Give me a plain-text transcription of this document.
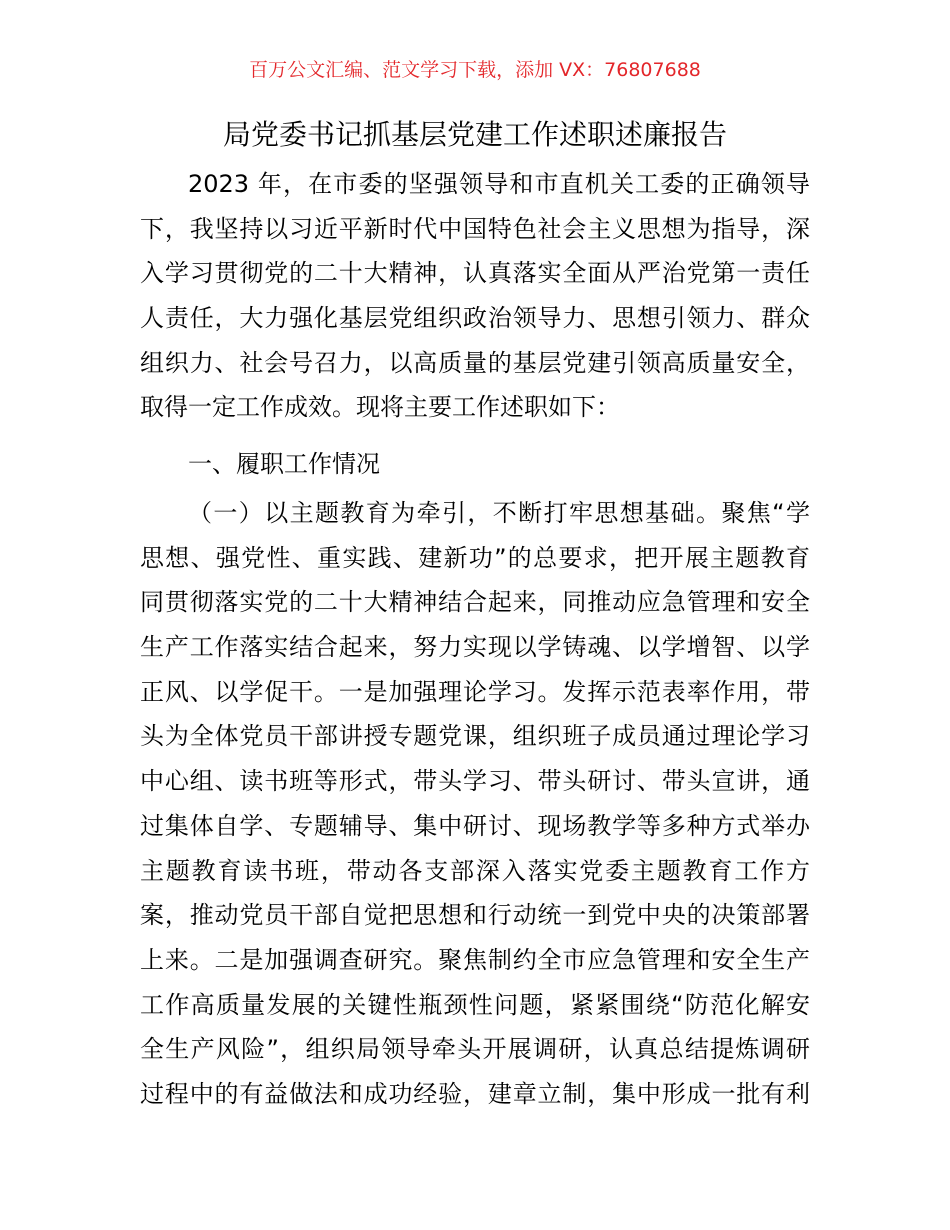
百万公文汇编、范文学习下载，添加 VX：76807688
局党委书记抓基层党建工作述职述廉报告
2023 年，在市委的坚强领导和市直机关工委的正确领导
下，我坚持以习近平新时代中国特色社会主义思想为指导，深
入学习贯彻党的二十大精神，认真落实全面从严治党第一责任
人责任，大力强化基层党组织政治领导力、思想引领力、群众
组织力、社会号召力，以高质量的基层党建引领高质量安全，
取得一定工作成效。现将主要工作述职如下：
一、履职工作情况
（一）以主题教育为牵引，不断打牢思想基础。聚焦“学
思想、强党性、重实践、建新功”的总要求，把开展主题教育
同贯彻落实党的二十大精神结合起来，同推动应急管理和安全
生产工作落实结合起来，努力实现以学铸魂、以学增智、以学
正风、以学促干。一是加强理论学习。发挥示范表率作用，带
头为全体党员干部讲授专题党课，组织班子成员通过理论学习
中心组、读书班等形式，带头学习、带头研讨、带头宣讲，通
过集体自学、专题辅导、集中研讨、现场教学等多种方式举办
主题教育读书班，带动各支部深入落实党委主题教育工作方
案，推动党员干部自觉把思想和行动统一到党中央的决策部署
上来。二是加强调查研究。聚焦制约全市应急管理和安全生产
工作高质量发展的关键性瓶颈性问题，紧紧围绕“防范化解安
全生产风险”，组织局领导牵头开展调研，认真总结提炼调研
过程中的有益做法和成功经验，建章立制，集中形成一批有利
